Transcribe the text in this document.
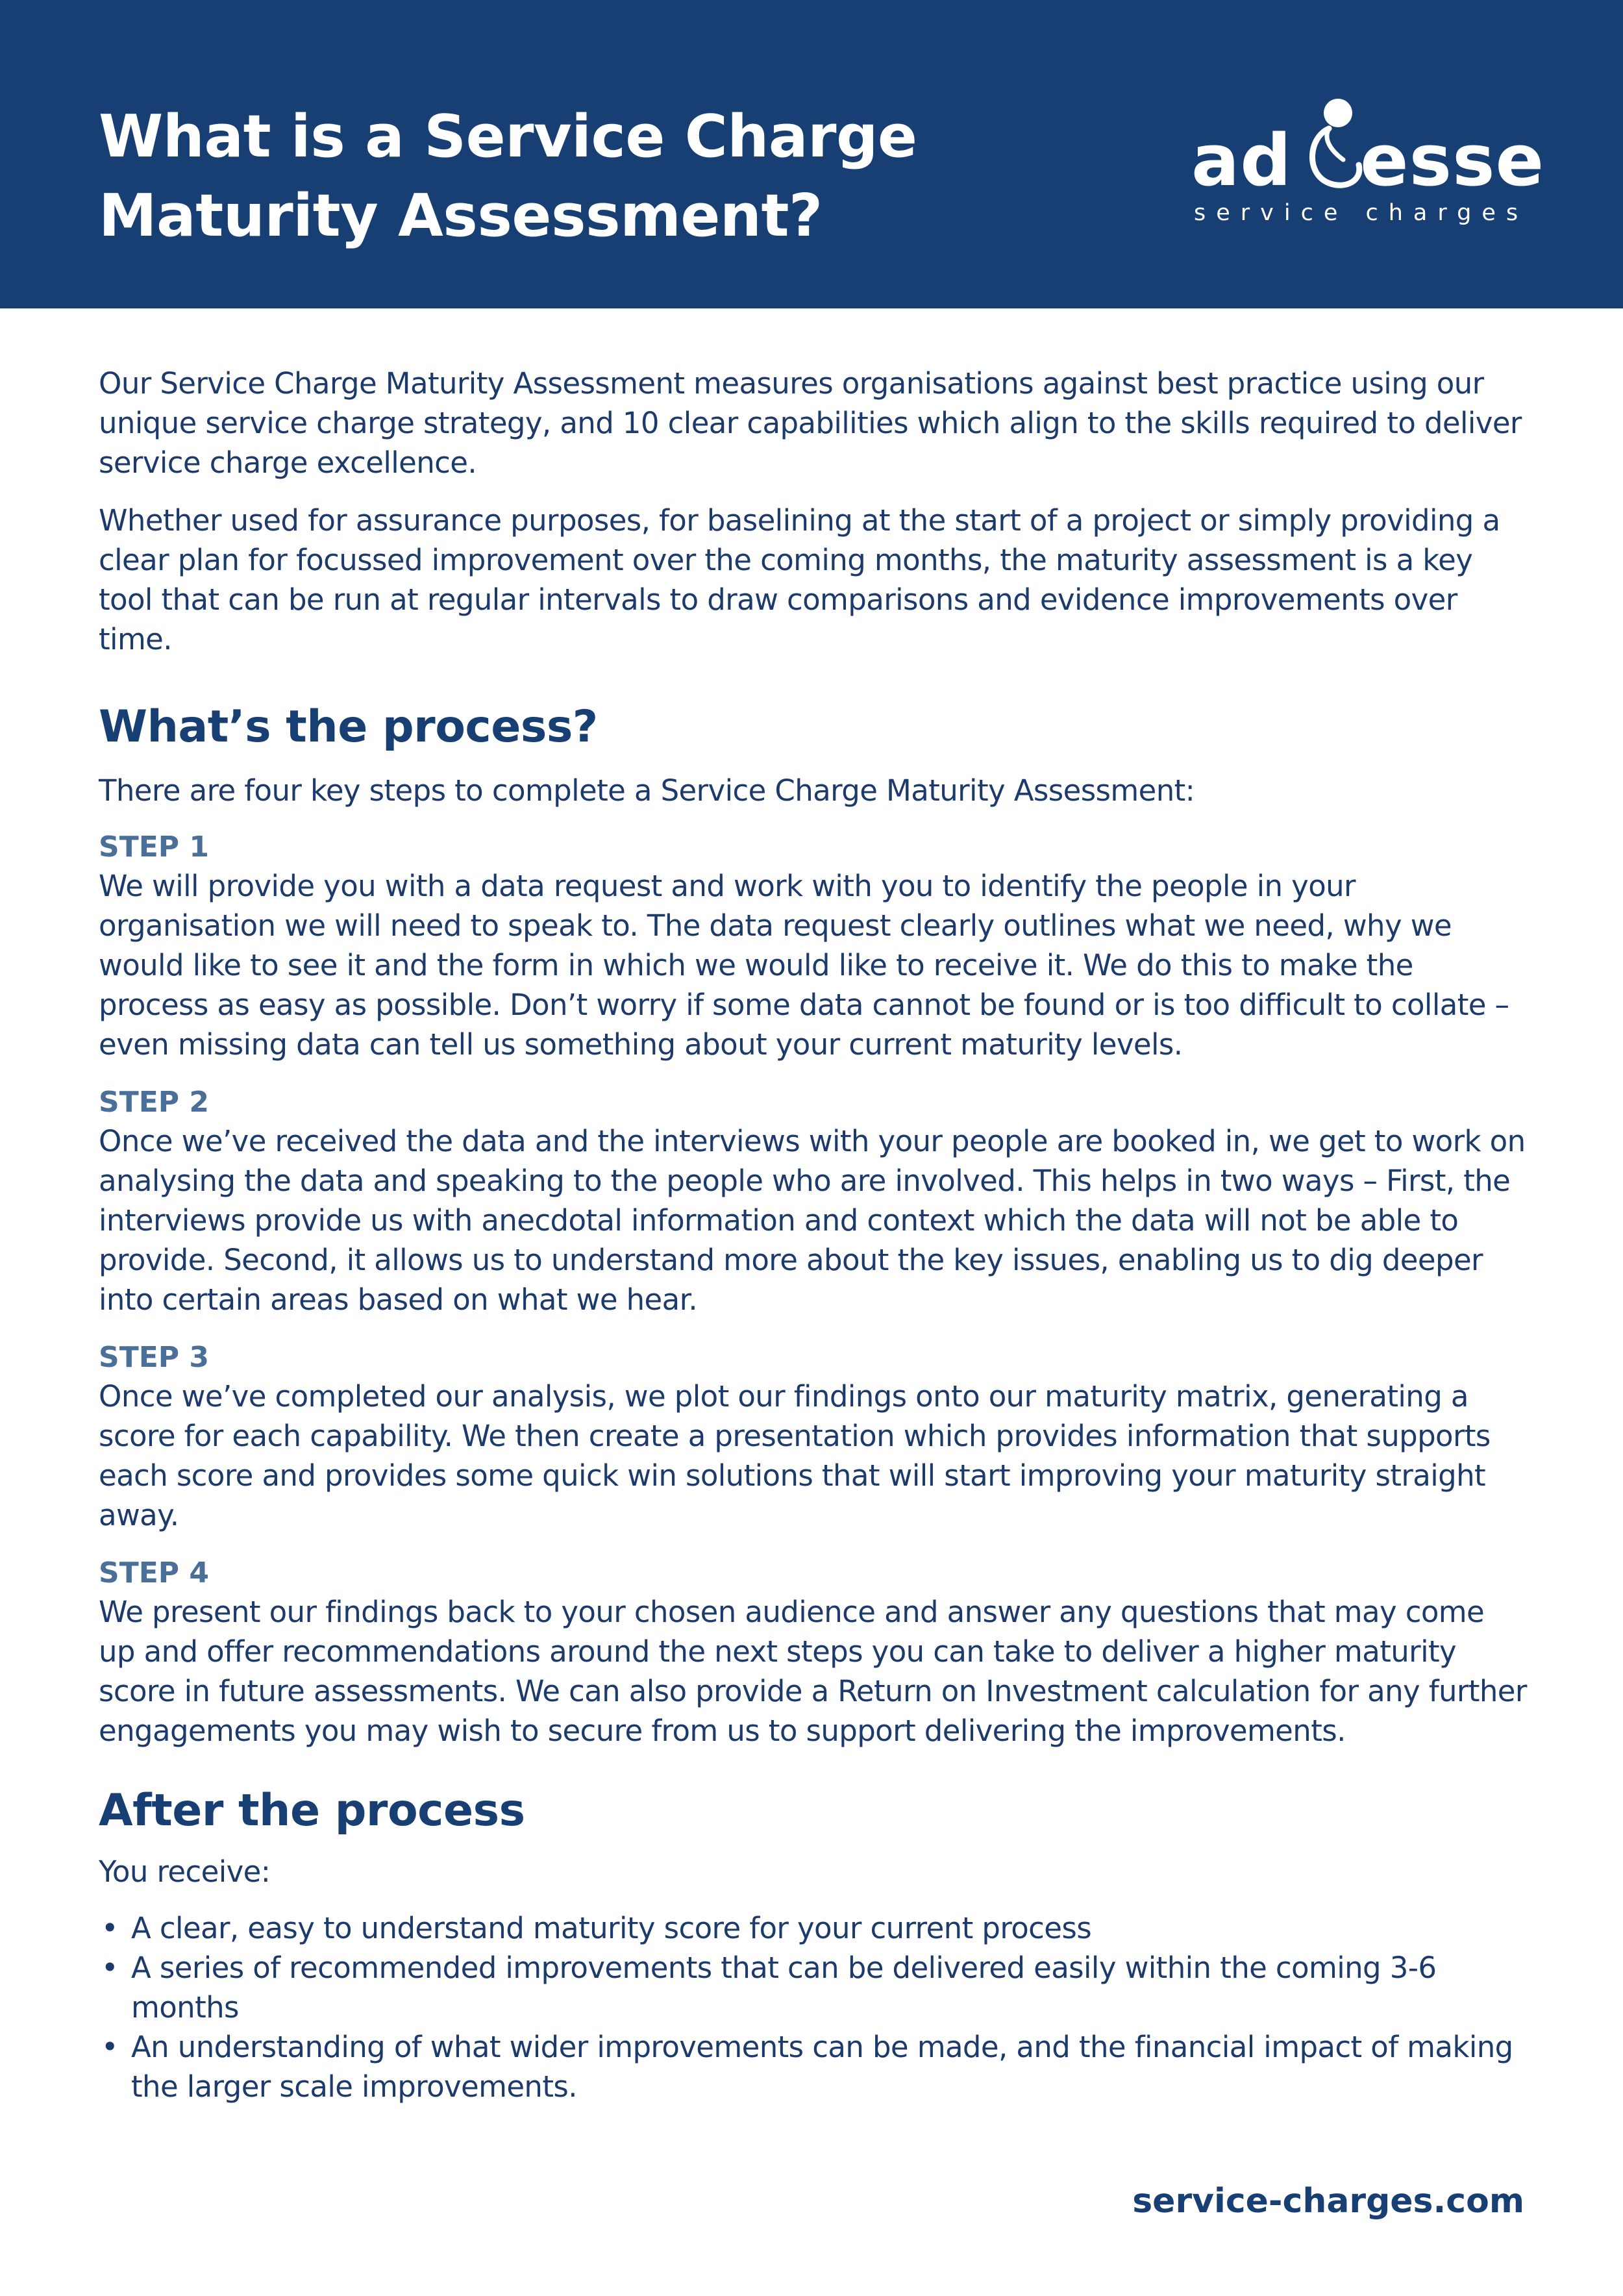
What is a Service Charge
Maturity Assessment?
ad esse
service charges

Our Service Charge Maturity Assessment measures organisations against best practice using our unique service charge strategy, and 10 clear capabilities which align to the skills required to deliver service charge excellence.

Whether used for assurance purposes, for baselining at the start of a project or simply providing a clear plan for focussed improvement over the coming months, the maturity assessment is a key tool that can be run at regular intervals to draw comparisons and evidence improvements over time.

What’s the process?

There are four key steps to complete a Service Charge Maturity Assessment:

STEP 1

We will provide you with a data request and work with you to identify the people in your organisation we will need to speak to. The data request clearly outlines what we need, why we would like to see it and the form in which we would like to receive it. We do this to make the process as easy as possible. Don’t worry if some data cannot be found or is too difficult to collate – even missing data can tell us something about your current maturity levels.

STEP 2

Once we’ve received the data and the interviews with your people are booked in, we get to work on analysing the data and speaking to the people who are involved. This helps in two ways – First, the interviews provide us with anecdotal information and context which the data will not be able to provide. Second, it allows us to understand more about the key issues, enabling us to dig deeper into certain areas based on what we hear.

STEP 3

Once we’ve completed our analysis, we plot our findings onto our maturity matrix, generating a score for each capability. We then create a presentation which provides information that supports each score and provides some quick win solutions that will start improving your maturity straight away.

STEP 4

We present our findings back to your chosen audience and answer any questions that may come up and offer recommendations around the next steps you can take to deliver a higher maturity score in future assessments. We can also provide a Return on Investment calculation for any further engagements you may wish to secure from us to support delivering the improvements.

After the process

You receive:

• A clear, easy to understand maturity score for your current process
• A series of recommended improvements that can be delivered easily within the coming 3-6 months
• An understanding of what wider improvements can be made, and the financial impact of making the larger scale improvements.
service-charges.com
